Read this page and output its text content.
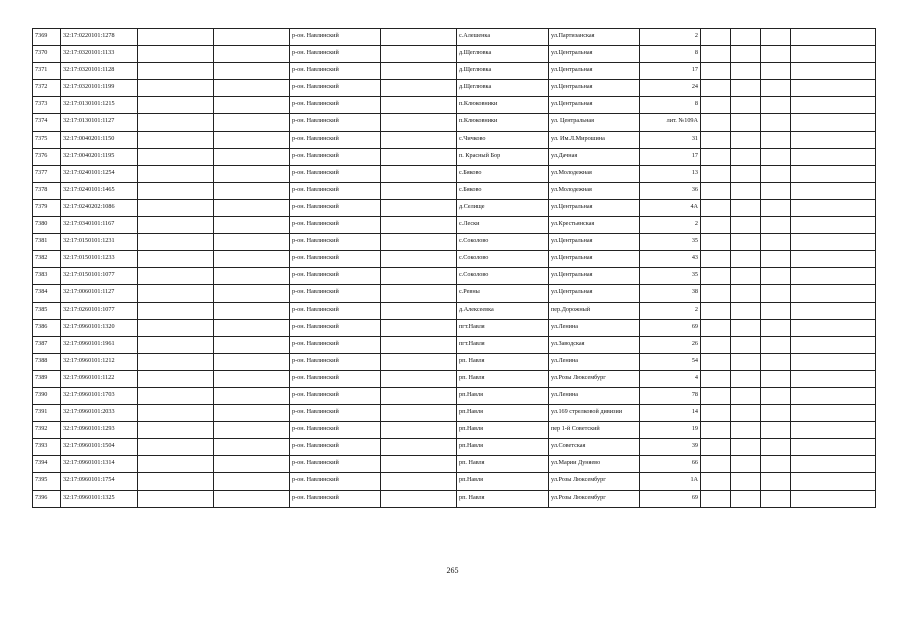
7369	32:17:0220101:1278			р-он. Навлинский		с.Алешенка	ул.Партизанская	2				
7370	32:17:0320101:1133			р-он. Навлинский		д.Щеглювка	ул.Центральная	8				
7371	32:17:0320101:1128			р-он. Навлинский		д.Щеглювка	ул.Центральная	17				
7372	32:17:0320101:1199			р-он. Навлинский		д.Щеглювка	ул.Центральная	24				
7373	32:17:0130101:1215			р-он. Навлинский		п.Клюковники	ул.Центральная	8				
7374	32:17:0130101:1127			р-он. Навлинский		п.Клюковники	ул. Центральная	лит. №109А				
7375	32:17:0040201:1150			р-он. Навлинский		с.Чичково	ул. Им.Л.Мирошина	31				
7376	32:17:0040201:1195			р-он. Навлинский		п. Красный Бор	ул.Дачная	17				
7377	32:17:0240101:1254			р-он. Навлинский		с.Бяково	ул.Молодежная	13				
7378	32:17:0240101:1465			р-он. Навлинский		с.Бяково	ул.Молодежная	36				
7379	32:17:0240202:1086			р-он. Навлинский		д.Селище	ул.Центральная	4А				
7380	32:17:0340101:1167			р-он. Навлинский		с.Лески	ул.Крестьянская	2				
7381	32:17:0150101:1231			р-он. Навлинский		с.Соколово	ул.Центральная	35				
7382	32:17:0150101:1233			р-он. Навлинский		с.Соколово	ул.Центральная	43				
7383	32:17:0150101:1077			р-он. Навлинский		с.Соколово	ул.Центральная	35				
7384	32:17:0060101:1127			р-он. Навлинский		с.Ревны	ул.Центральная	38				
7385	32:17:0260101:1077			р-он. Навлинский		д.Алексеевка	пер.Дорожный	2				
7386	32:17:0960101:1320			р-он. Навлинский		пгт.Навля	ул.Ленина	69				
7387	32:17:0960101:1961			р-он. Навлинский		пгт.Навля	ул.Заводская	26				
7388	32:17:0960101:1212			р-он. Навлинский		рп. Навля	ул.Ленина	54				
7389	32:17:0960101:1122			р-он. Навлинский		рп. Навля	ул.Розы Люксембург	4				
7390	32:17:0960101:1703			р-он. Навлинский		рп.Навля	ул.Ленина	78				
7391	32:17:0960101:2033			р-он. Навлинский		рп.Навля	ул.169 стрелковой дивизии	14				
7392	32:17:0960101:1293			р-он. Навлинский		рп.Навля	пер 1-й Советский	19				
7393	32:17:0960101:1504			р-он. Навлинский		рп.Навля	ул.Советская	39				
7394	32:17:0960101:1314			р-он. Навлинский		рп. Навля	ул.Марии Дуняево	66				
7395	32:17:0960101:1754			р-он. Навлинский		рп.Навля	ул.Розы Люксембург	1А				
7396	32:17:0960101:1325			р-он. Навлинский		рп. Навля	ул.Розы Люксембург	69				
265
